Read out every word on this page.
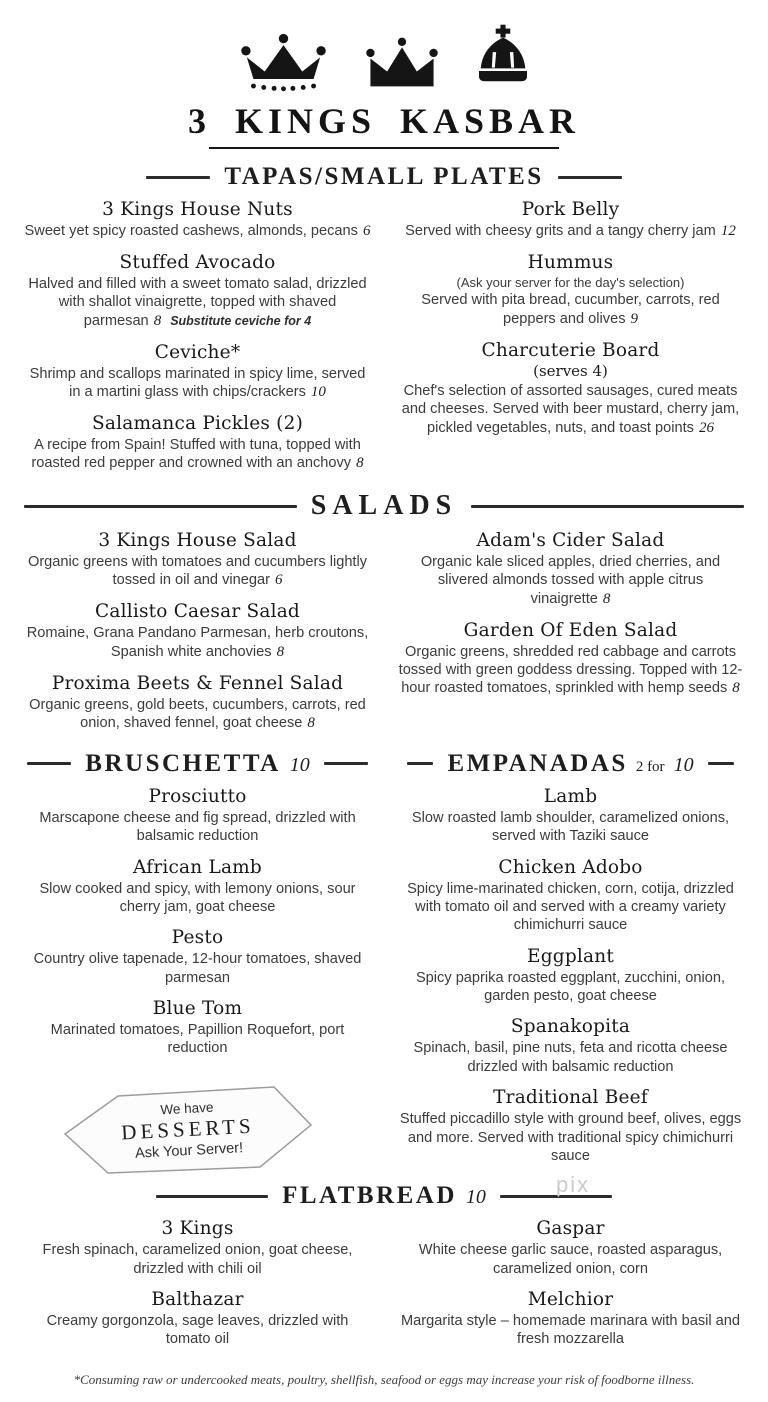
3 KINGS KASBAR
TAPAS/SMALL PLATES
3 Kings House Nuts

Sweet yet spicy roasted cashews, almonds, pecans 6

Stuffed Avocado

Halved and filled with a sweet tomato salad, drizzled with shallot vinaigrette, topped with shaved parmesan 8 Substitute ceviche for 4

Ceviche*

Shrimp and scallops marinated in spicy lime, served in a martini glass with chips/crackers 10

Salamanca Pickles (2)

A recipe from Spain! Stuffed with tuna, topped with roasted red pepper and crowned with an anchovy 8

Pork Belly

Served with cheesy grits and a tangy cherry jam 12

Hummus

(Ask your server for the day's selection)

Served with pita bread, cucumber, carrots, red peppers and olives 9

Charcuterie Board

(serves 4)

Chef's selection of assorted sausages, cured meats and cheeses. Served with beer mustard, cherry jam, pickled vegetables, nuts, and toast points 26

SALADS
3 Kings House Salad

Organic greens with tomatoes and cucumbers lightly tossed in oil and vinegar 6

Callisto Caesar Salad

Romaine, Grana Pandano Parmesan, herb croutons, Spanish white anchovies 8

Proxima Beets & Fennel Salad

Organic greens, gold beets, cucumbers, carrots, red onion, shaved fennel, goat cheese 8

Adam's Cider Salad

Organic kale sliced apples, dried cherries, and slivered almonds tossed with apple citrus vinaigrette 8

Garden Of Eden Salad

Organic greens, shredded red cabbage and carrots tossed with green goddess dressing. Topped with 12-hour roasted tomatoes, sprinkled with hemp seeds 8

BRUSCHETTA 10
Prosciutto

Marscapone cheese and fig spread, drizzled with balsamic reduction

African Lamb

Slow cooked and spicy, with lemony onions, sour cherry jam, goat cheese

Pesto

Country olive tapenade, 12-hour tomatoes, shaved parmesan

Blue Tom

Marinated tomatoes, Papillion Roquefort, port reduction

We have
DESSERTS
Ask Your Server!
EMPANADAS 2 for 10
Lamb

Slow roasted lamb shoulder, caramelized onions, served with Taziki sauce

Chicken Adobo

Spicy lime-marinated chicken, corn, cotija, drizzled with tomato oil and served with a creamy variety chimichurri sauce

Eggplant

Spicy paprika roasted eggplant, zucchini, onion, garden pesto, goat cheese

Spanakopita

Spinach, basil, pine nuts, feta and ricotta cheese drizzled with balsamic reduction

Traditional Beef

Stuffed piccadillo style with ground beef, olives, eggs and more. Served with traditional spicy chimichurri sauce

FLATBREAD 10
3 Kings

Fresh spinach, caramelized onion, goat cheese, drizzled with chili oil

Balthazar

Creamy gorgonzola, sage leaves, drizzled with tomato oil

Gaspar

White cheese garlic sauce, roasted asparagus, caramelized onion, corn

Melchior

Margarita style – homemade marinara with basil and fresh mozzarella

pix
*Consuming raw or undercooked meats, poultry, shellfish, seafood or eggs may increase your risk of foodborne illness.
